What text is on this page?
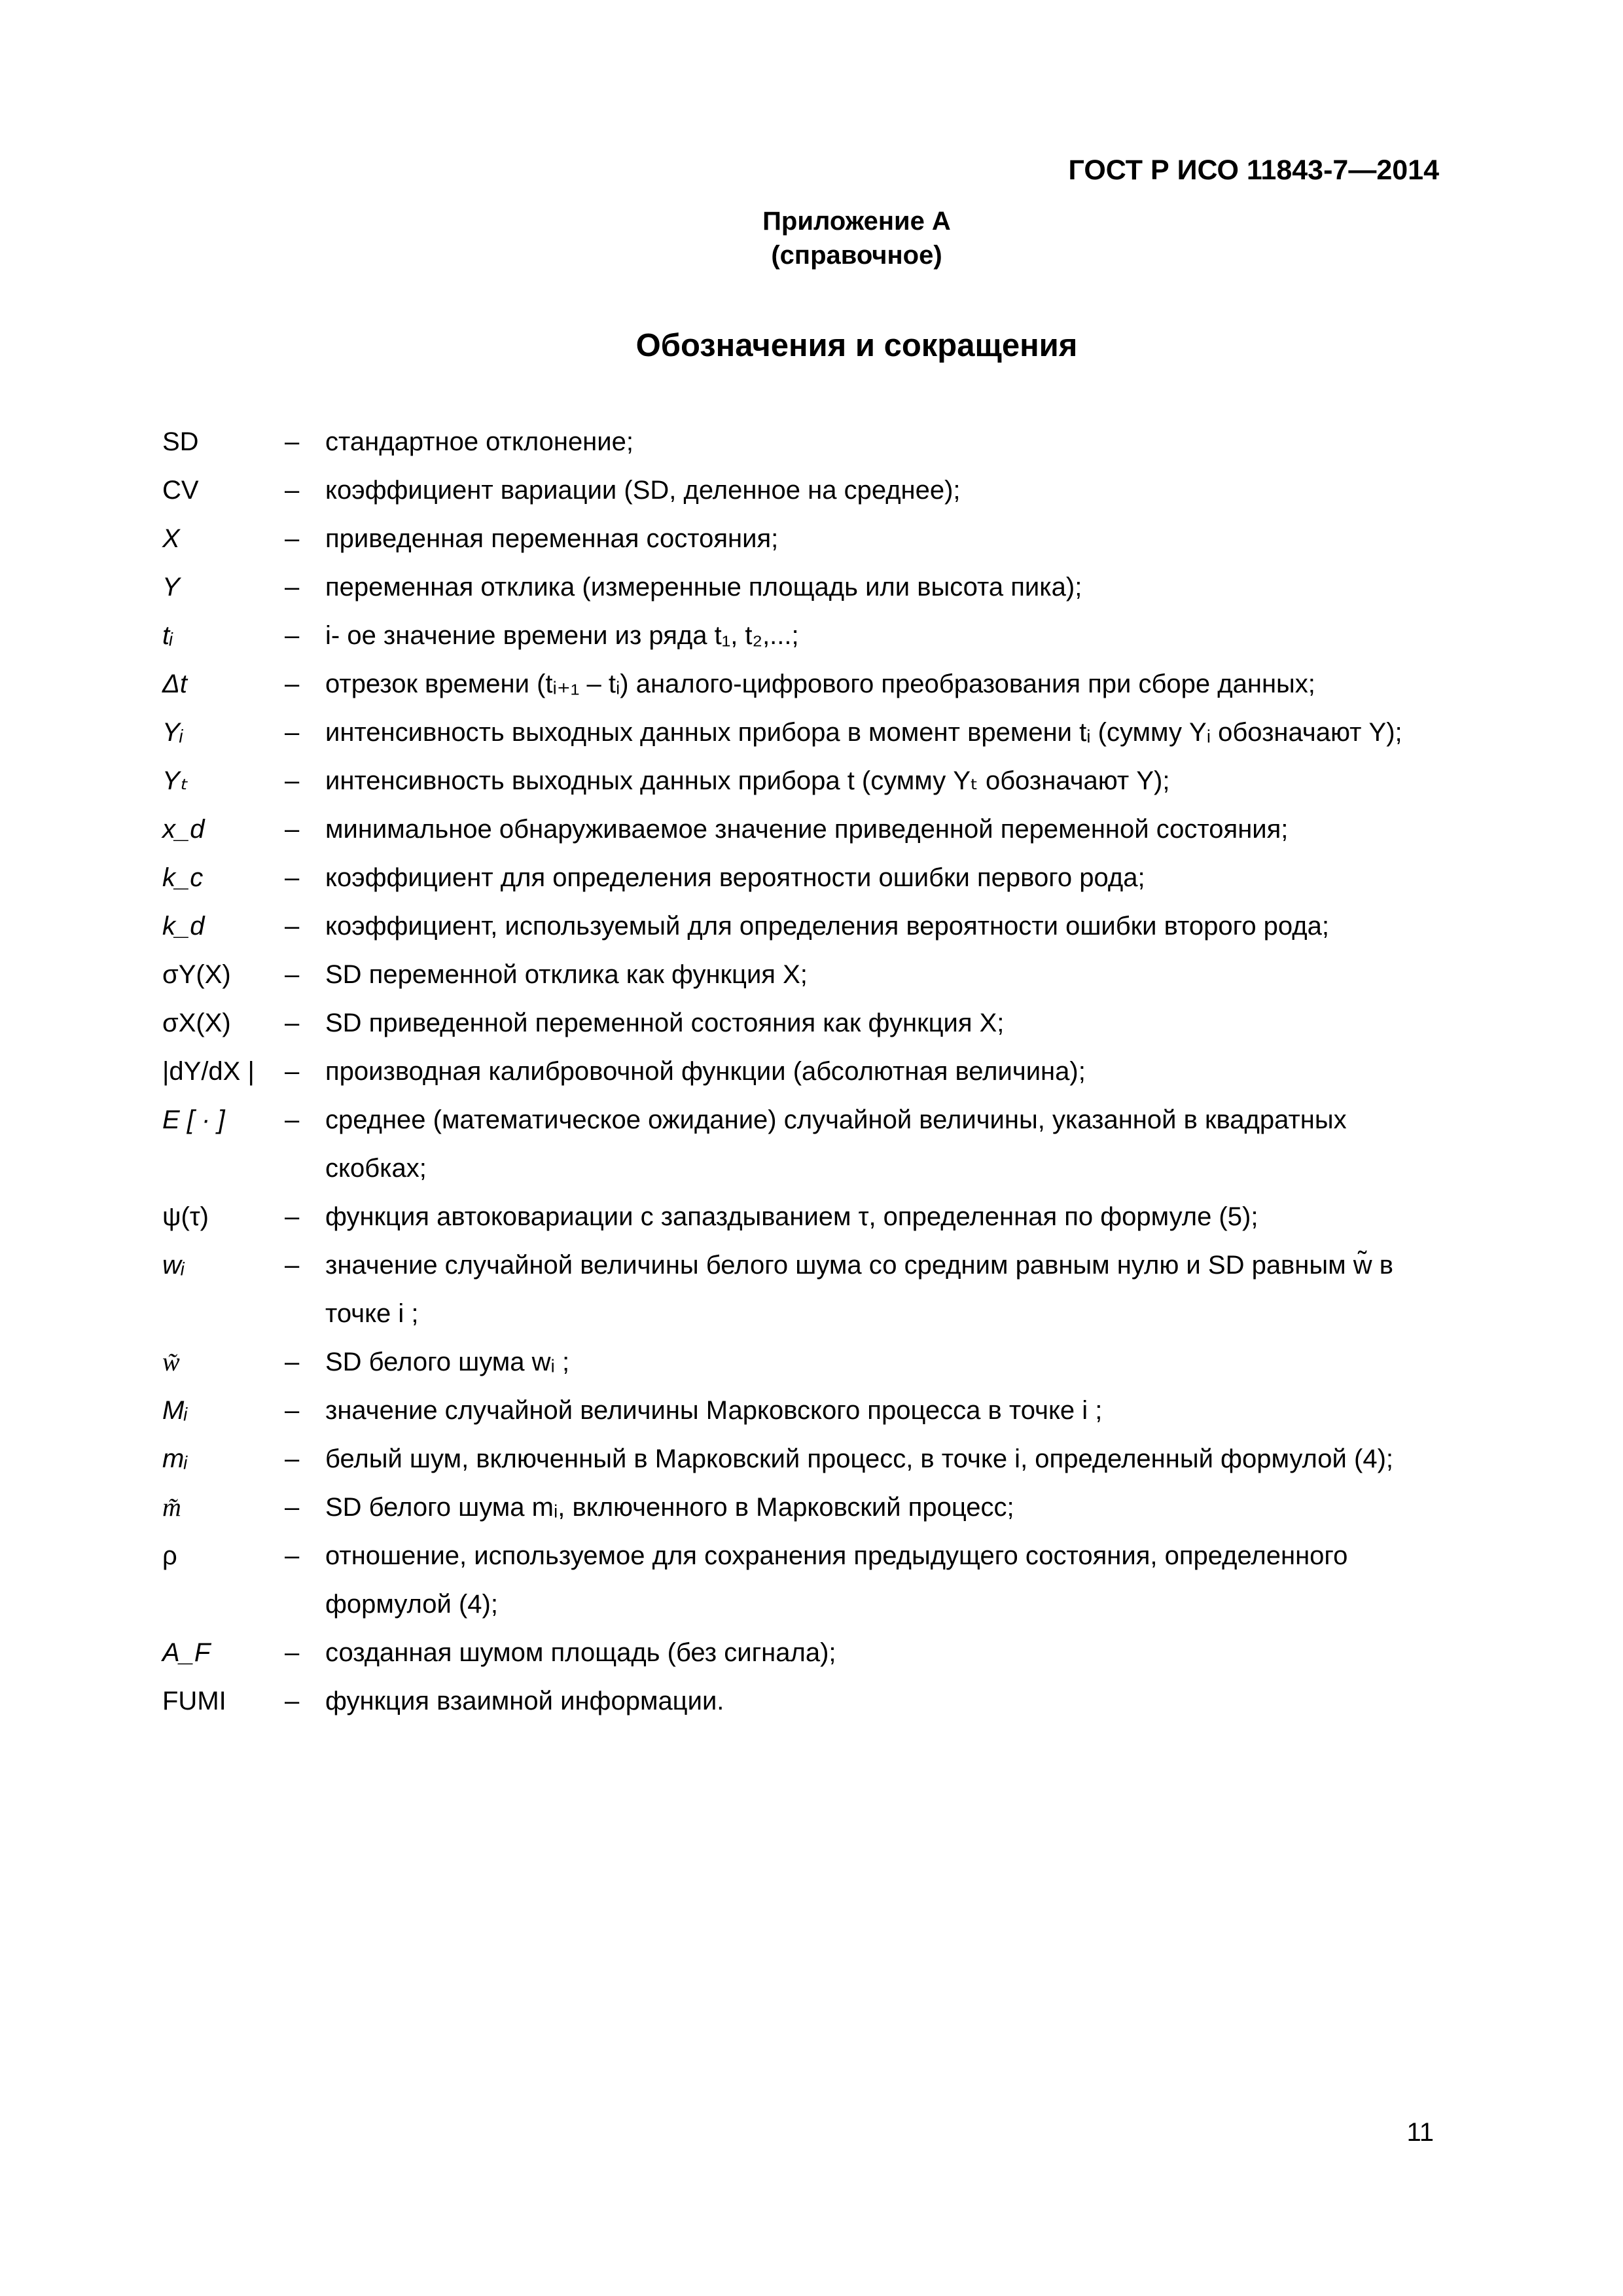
ГОСТ Р ИСО 11843-7—2014
Приложение А
(справочное)
Обозначения и сокращения
SD	– стандартное отклонение;
CV	– коэффициент вариации (SD, деленное на среднее);
X	– приведенная переменная состояния;
Y	– переменная отклика (измеренные площадь или высота пика);
tᵢ	– i- ое значение времени из ряда t₁, t₂,...;
Δt	– отрезок времени (tᵢ₊₁ – tᵢ) аналого-цифрового преобразования при сборе данных;
Yᵢ	– интенсивность выходных данных прибора в момент времени tᵢ (сумму Yᵢ обозначают Y);
Yₜ	– интенсивность выходных данных прибора t (сумму Yₜ обозначают Y);
x_d	– минимальное обнаруживаемое значение приведенной переменной состояния;
k_c	– коэффициент для определения вероятности ошибки первого рода;
k_d	– коэффициент, используемый для определения вероятности ошибки второго рода;
σY(X)	– SD переменной отклика как функция X;
σX(X)	– SD приведенной переменной состояния как функция X;
|dY/dX |	– производная калибровочной функции (абсолютная величина);
E [ · ]	– среднее (математическое ожидание) случайной величины, указанной в квадратных скобках;
ψ(τ)	– функция автоковариации с запаздыванием τ, определенная по формуле (5);
wᵢ	– значение случайной величины белого шума со средним равным нулю и SD равным w̃ в точке i ;
w̃	– SD белого шума wᵢ ;
Mᵢ	– значение случайной величины Марковского процесса в точке i ;
mᵢ	– белый шум, включенный в Марковский процесс, в точке i, определенный формулой (4);
m̃	– SD белого шума mᵢ, включенного в Марковский процесс;
ρ	– отношение, используемое для сохранения предыдущего состояния, определенного формулой (4);
A_F	– созданная шумом площадь (без сигнала);
FUMI	– функция взаимной информации.
11
